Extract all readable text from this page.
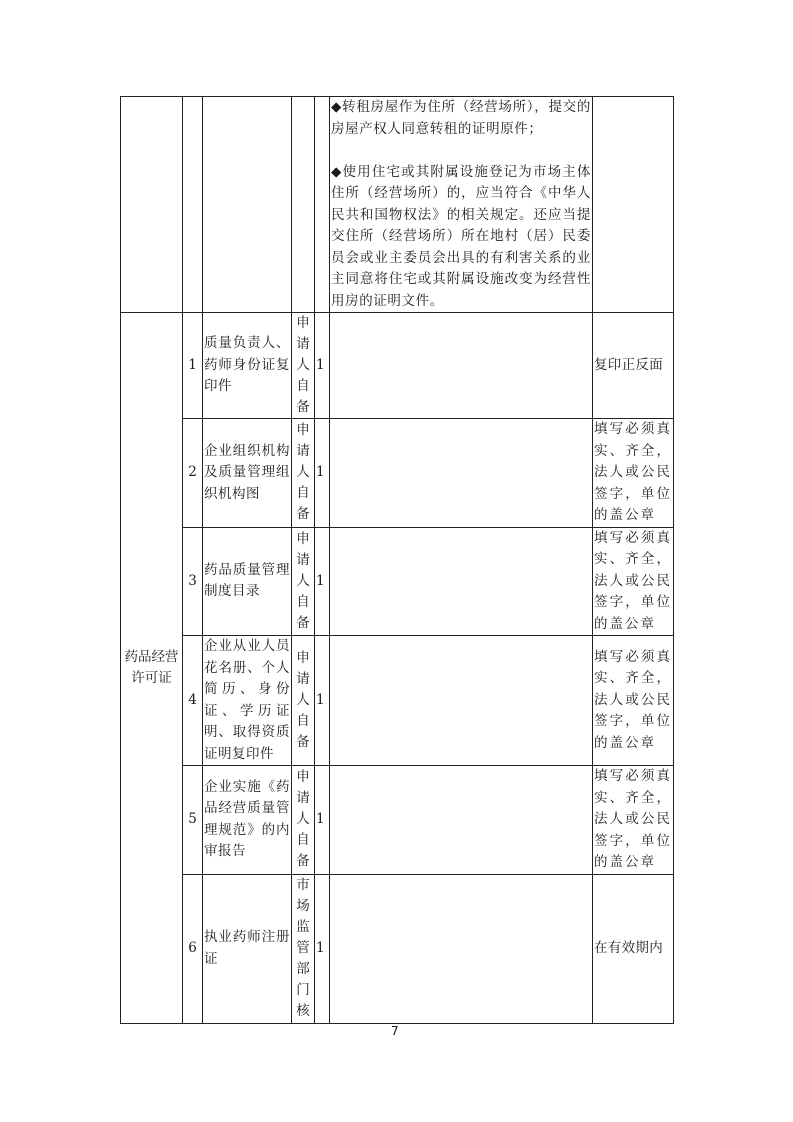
					◆转租房屋作为住所（经营场所），提交的房屋产权人同意转租的证明原件；
◆使用住宅或其附属设施登记为市场主体住所（经营场所）的，应当符合《中华人民共和国物权法》的相关规定。还应当提交住所（经营场所）所在地村（居）民委员会或业主委员会出具的有利害关系的业主同意将住宅或其附属设施改变为经营性用房的证明文件。	

药品经营许可证	1	质量负责人、药师身份证复印件	申请人自备	1		复印正反面
	2	企业组织机构及质量管理组织机构图	申请人自备	1		填写必须真实、齐全，法人或公民签字，单位的盖公章
	3	药品质量管理制度目录	申请人自备	1		填写必须真实、齐全，法人或公民签字，单位的盖公章
	4	企业从业人员花名册、个人简历、身份证、学历证明、取得资质证明复印件	申请人自备	1		填写必须真实、齐全，法人或公民签字，单位的盖公章
	5	企业实施《药品经营质量管理规范》的内审报告	申请人自备	1		填写必须真实、齐全，法人或公民签字，单位的盖公章
	6	执业药师注册证	市场监管部门核	1		在有效期内
7
